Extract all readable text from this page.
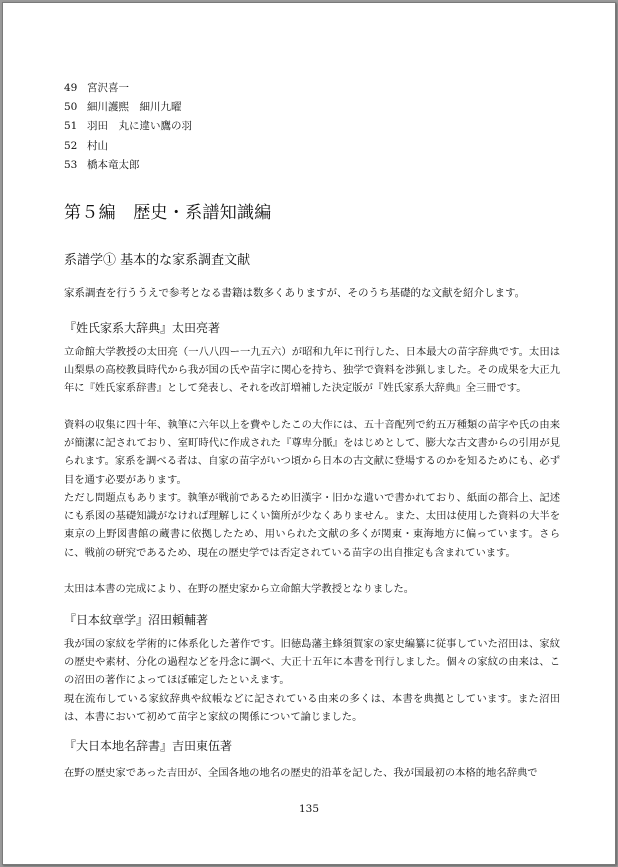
49 宮沢喜一
50 細川護熙　細川九曜
51 羽田　丸に違い鷹の羽
52 村山
53 橋本竜太郎
第５編　歴史・系譜知識編
系譜学① 基本的な家系調査文献

家系調査を行ううえで参考となる書籍は数多くありますが、そのうち基礎的な文献を紹介します。

『姓氏家系大辞典』太田亮著

立命館大学教授の太田亮（一八八四ー一九五六）が昭和九年に刊行した、日本最大の苗字辞典です。太田は山梨県の高校教員時代から我が国の氏や苗字に関心を持ち、独学で資料を渉猟しました。その成果を大正九年に『姓氏家系辞書』として発表し、それを改訂増補した決定版が『姓氏家系大辞典』全三冊です。

資料の収集に四十年、執筆に六年以上を費やしたこの大作には、五十音配列で約五万種類の苗字や氏の由来が簡潔に記されており、室町時代に作成された『尊卑分脈』をはじめとして、膨大な古文書からの引用が見られます。家系を調べる者は、自家の苗字がいつ頃から日本の古文献に登場するのかを知るためにも、必ず目を通す必要があります。

ただし問題点もあります。執筆が戦前であるため旧漢字・旧かな遣いで書かれており、紙面の都合上、記述にも系図の基礎知識がなければ理解しにくい箇所が少なくありません。また、太田は使用した資料の大半を東京の上野図書館の蔵書に依拠したため、用いられた文献の多くが関東・東海地方に偏っています。さらに、戦前の研究であるため、現在の歴史学では否定されている苗字の出自推定も含まれています。

太田は本書の完成により、在野の歴史家から立命館大学教授となりました。

『日本紋章学』沼田頼輔著

我が国の家紋を学術的に体系化した著作です。旧徳島藩主蜂須賀家の家史編纂に従事していた沼田は、家紋の歴史や素材、分化の過程などを丹念に調べ、大正十五年に本書を刊行しました。個々の家紋の由来は、この沼田の著作によってほぼ確定したといえます。

現在流布している家紋辞典や紋帳などに記されている由来の多くは、本書を典拠としています。また沼田は、本書において初めて苗字と家紋の関係について論じました。

『大日本地名辞書』吉田東伍著

在野の歴史家であった吉田が、全国各地の地名の歴史的沿革を記した、我が国最初の本格的地名辞典で

135
